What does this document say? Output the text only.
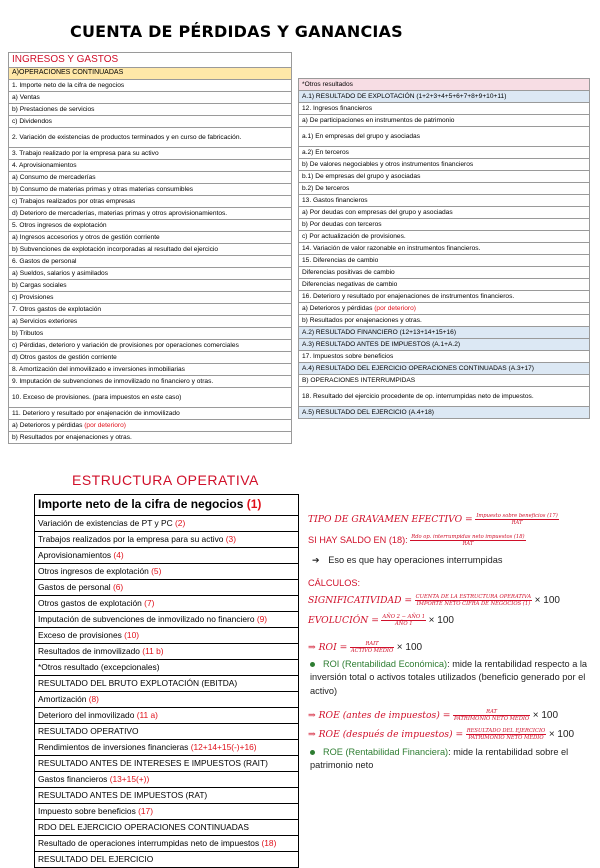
CUENTA DE PÉRDIDAS Y GANANCIAS
INGRESOS Y GASTOS
A)OPERACIONES CONTINUADAS
1. Importe neto de la cifra de negocios
a) Ventas
b) Prestaciones de servicios
c) Dividendos
2. Variación de existencias de productos terminados y en curso de fabricación.
3. Trabajo realizado por la empresa para su activo
4. Aprovisionamientos
a) Consumo de mercaderías
b) Consumo de materias primas y otras materias consumibles
c) Trabajos realizados por otras empresas
d) Deterioro de mercaderías, materias primas y otros aprovisionamientos.
5. Otros ingresos de explotación
a) Ingresos accesorios y otros de gestión corriente
b) Subvenciones de explotación incorporadas al resultado del ejercicio
6. Gastos de personal
a) Sueldos, salarios y asimilados
b) Cargas sociales
c) Provisiones
7. Otros gastos de explotación
a) Servicios exteriores
b) Tributos
c) Pérdidas, deterioro y variación de provisiones por operaciones comerciales
d) Otros gastos de gestión corriente
8. Amortización del inmovilizado e inversiones inmobiliarias
9. Imputación de subvenciones de inmovilizado no financiero y otras.
10. Exceso de provisiones. (para impuestos en este caso)
11. Deterioro y resultado por enajenación de inmovilizado
a) Deterioros y pérdidas (por deterioro)
b) Resultados por enajenaciones y otras.
*Otros resultados
A.1) RESULTADO DE EXPLOTACIÓN (1+2+3+4+5+6+7+8+9+10+11)
12. Ingresos financieros
a) De participaciones en instrumentos de patrimonio
a.1) En empresas del grupo y asociadas
a.2) En terceros
b) De valores negociables y otros instrumentos financieros
b.1) De empresas del grupo y asociadas
b.2) De terceros
13. Gastos financieros
a) Por deudas con empresas del grupo y asociadas
b) Por deudas con terceros
c) Por actualización de provisiones.
14. Variación de valor razonable en instrumentos financieros.
15. Diferencias de cambio
Diferencias positivas de cambio
Diferencias negativas de cambio
16. Deterioro y resultado por enajenaciones de instrumentos financieros.
a) Deterioros y pérdidas (por deterioro)
b) Resultados por enajenaciones y otras.
A.2) RESULTADO FINANCIERO (12+13+14+15+16)
A.3) RESULTADO ANTES DE IMPUESTOS (A.1+A.2)
17. Impuestos sobre beneficios
A.4) RESULTADO DEL EJERCICIO OPERACIONES CONTINUADAS (A.3+17)
B) OPERACIONES INTERRUMPIDAS
18. Resultado del ejercicio procedente de op. interrumpidas neto de impuestos.
A.5) RESULTADO DEL EJERCICIO (A.4+18)
ESTRUCTURA OPERATIVA
Importe neto de la cifra de negocios (1)
Variación de existencias de PT y PC (2)
Trabajos realizados por la empresa para su activo (3)
Aprovisionamientos (4)
Otros ingresos de explotación (5)
Gastos de personal (6)
Otros gastos de explotación (7)
Imputación de subvenciones de inmovilizado no financiero (9)
Exceso de provisiones (10)
Resultados de inmovilizado (11 b)
*Otros resultado (excepcionales)
RESULTADO DEL BRUTO EXPLOTACIÓN (EBITDA)
Amortización (8)
Deterioro del inmovilizado (11 a)
RESULTADO OPERATIVO
Rendimientos de inversiones financieras (12+14+15(-)+16)
RESULTADO ANTES DE INTERESES E IMPUESTOS (RAIT)
Gastos financieros (13+15(+))
RESULTADO ANTES DE IMPUESTOS (RAT)
Impuesto sobre beneficios (17)
RDO DEL EJERCICIO OPERACIONES CONTINUADAS
Resultado de operaciones interrumpidas neto de impuestos (18)
RESULTADO DEL EJERCICIO
TIPO DE GRAVAMEN EFECTIVO = $\frac{\text{Impuesto sobre beneficios (17)}}{\text{RAT}}$
SI HAY SALDO EN (18): $\frac{\text{Rdo op. interrumpidas neto impuestos (18)}}{\text{RAT}}$
➔ Eso es que hay operaciones interrumpidas
CÁLCULOS:
SIGNIFICATIVIDAD = $\frac{\text{CUENTA DE LA ESTRUCTURA OPERATIVA}}{\text{IMPORTE NETO CIFRA DE NEGOCIOS (1)}} \times 100$
EVOLUCIÓN = $\frac{\text{AÑO 2 − AÑO 1}}{\text{AÑO 1}} \times 100$
⇒ ROI = $\frac{\text{RAIT}}{\text{ACTIVO MEDIO}} \times 100$
ROI (Rentabilidad Económica): mide la rentabilidad respecto a la inversión total o activos totales utilizados (beneficio generado por el activo)
⇒ ROE (antes de impuestos) = $\frac{\text{RAT}}{\text{PATRIMONIO NETO MEDIO}} \times 100$
⇒ ROE (después de impuestos) = $\frac{\text{RESULTADO DEL EJERCICIO}}{\text{PATRIMONIO NETO MEDIO}} \times 100$
ROE (Rentabilidad Financiera): mide la rentabilidad sobre el patrimonio neto
